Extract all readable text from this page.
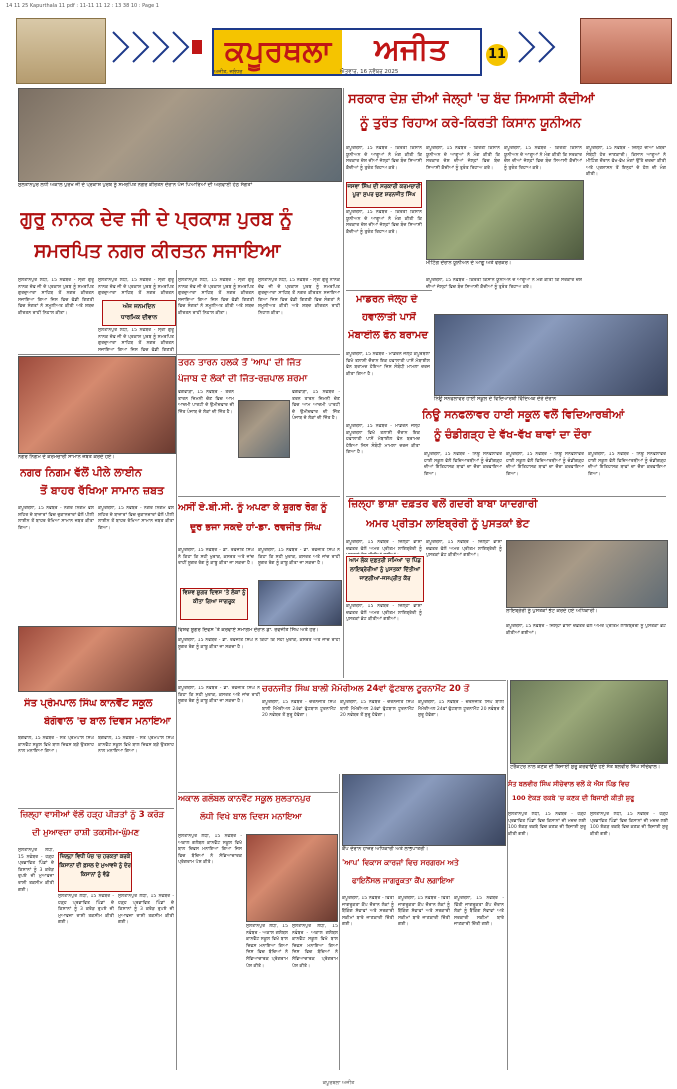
14 11 25 Kapurthala 11 pdf : 11-11 11 12 : 13 38 10 : Page 1
ਕਪੂਰਥਲਾ	ਅਜੀਤ
ਅਜੀਤ, ਜਲੰਧਰ	ਐਤਵਾਰ, 16 ਨਵੰਬਰ 2025
11
ਸੁਲਤਾਨਪੁਰ ਲੋਧੀ ਅਕਾਲ ਪੁਰਖ ਜੀ ਦੇ ਪ੍ਰਕਾਸ਼ ਪੁਰਬ ਨੂੰ ਸਮਰਪਿਤ ਨਗਰ ਕੀਰਤਨ ਦੌਰਾਨ ਪੰਜ ਪਿਆਰਿਆਂ ਦੀ ਅਗਵਾਈ ਹੇਠ ਸੰਗਤਾਂ
ਗੁਰੂ ਨਾਨਕ ਦੇਵ ਜੀ ਦੇ ਪ੍ਰਕਾਸ਼ ਪੁਰਬ ਨੂੰ
ਸਮਰਪਿਤ ਨਗਰ ਕੀਰਤਨ ਸਜਾਇਆ
ਸੁਲਤਾਨਪੁਰ ਲੋਧੀ, 15 ਨਵੰਬਰ - ਸ੍ਰੀ ਗੁਰੂ ਨਾਨਕ ਦੇਵ ਜੀ ਦੇ ਪ੍ਰਕਾਸ਼ ਪੁਰਬ ਨੂੰ ਸਮਰਪਿਤ ਗੁਰਦੁਆਰਾ ਸਾਹਿਬ ਤੋਂ ਨਗਰ ਕੀਰਤਨ ਸਜਾਇਆ ਗਿਆ ਜਿਸ ਵਿਚ ਵੱਡੀ ਗਿਣਤੀ ਵਿਚ ਸੰਗਤਾਂ ਨੇ ਸ਼ਮੂਲੀਅਤ ਕੀਤੀ ਅਤੇ ਸ਼ਬਦ ਕੀਰਤਨ ਰਾਹੀਂ ਨਿਹਾਲ ਕੀਤਾ।
ਸੁਲਤਾਨਪੁਰ ਲੋਧੀ, 15 ਨਵੰਬਰ - ਸ੍ਰੀ ਗੁਰੂ ਨਾਨਕ ਦੇਵ ਜੀ ਦੇ ਪ੍ਰਕਾਸ਼ ਪੁਰਬ ਨੂੰ ਸਮਰਪਿਤ ਗੁਰਦੁਆਰਾ ਸਾਹਿਬ ਤੋਂ ਨਗਰ ਕੀਰਤਨ
ਅੱਜ ਜਨਮਦਿਨ
ਧਾਰਮਿਕ ਦੀਵਾਨ
ਸੁਲਤਾਨਪੁਰ ਲੋਧੀ, 15 ਨਵੰਬਰ - ਸ੍ਰੀ ਗੁਰੂ ਨਾਨਕ ਦੇਵ ਜੀ ਦੇ ਪ੍ਰਕਾਸ਼ ਪੁਰਬ ਨੂੰ ਸਮਰਪਿਤ ਗੁਰਦੁਆਰਾ ਸਾਹਿਬ ਤੋਂ ਨਗਰ ਕੀਰਤਨ ਸਜਾਇਆ ਗਿਆ ਜਿਸ ਵਿਚ ਵੱਡੀ ਗਿਣਤੀ
ਸੁਲਤਾਨਪੁਰ ਲੋਧੀ, 15 ਨਵੰਬਰ - ਸ੍ਰੀ ਗੁਰੂ ਨਾਨਕ ਦੇਵ ਜੀ ਦੇ ਪ੍ਰਕਾਸ਼ ਪੁਰਬ ਨੂੰ ਸਮਰਪਿਤ ਗੁਰਦੁਆਰਾ ਸਾਹਿਬ ਤੋਂ ਨਗਰ ਕੀਰਤਨ ਸਜਾਇਆ ਗਿਆ ਜਿਸ ਵਿਚ ਵੱਡੀ ਗਿਣਤੀ ਵਿਚ ਸੰਗਤਾਂ ਨੇ ਸ਼ਮੂਲੀਅਤ ਕੀਤੀ ਅਤੇ ਸ਼ਬਦ ਕੀਰਤਨ ਰਾਹੀਂ ਨਿਹਾਲ ਕੀਤਾ।
ਸੁਲਤਾਨਪੁਰ ਲੋਧੀ, 15 ਨਵੰਬਰ - ਸ੍ਰੀ ਗੁਰੂ ਨਾਨਕ ਦੇਵ ਜੀ ਦੇ ਪ੍ਰਕਾਸ਼ ਪੁਰਬ ਨੂੰ ਸਮਰਪਿਤ ਗੁਰਦੁਆਰਾ ਸਾਹਿਬ ਤੋਂ ਨਗਰ ਕੀਰਤਨ ਸਜਾਇਆ ਗਿਆ ਜਿਸ ਵਿਚ ਵੱਡੀ ਗਿਣਤੀ ਵਿਚ ਸੰਗਤਾਂ ਨੇ ਸ਼ਮੂਲੀਅਤ ਕੀਤੀ ਅਤੇ ਸ਼ਬਦ ਕੀਰਤਨ ਰਾਹੀਂ ਨਿਹਾਲ ਕੀਤਾ।
ਨਗਰ ਨਿਗਮ ਦੇ ਕਰਮਚਾਰੀ ਸਾਮਾਨ ਜ਼ਬਤ ਕਰਦੇ ਹੋਏ।
ਨਗਰ ਨਿਗਮ ਵੱਲੋਂ ਪੀਲੇ ਲਾਈਨ
ਤੋਂ ਬਾਹਰ ਰੱਖਿਆ ਸਾਮਾਨ ਜ਼ਬਤ
ਕਪੂਰਥਲਾ, 15 ਨਵੰਬਰ - ਨਗਰ ਨਿਗਮ ਵੱਲੋਂ ਸ਼ਹਿਰ ਦੇ ਬਾਜ਼ਾਰਾਂ ਵਿਚ ਦੁਕਾਨਦਾਰਾਂ ਵੱਲੋਂ ਪੀਲੀ ਲਾਈਨ ਤੋਂ ਬਾਹਰ ਰੱਖਿਆ ਸਾਮਾਨ ਜ਼ਬਤ ਕੀਤਾ ਗਿਆ।
ਕਪੂਰਥਲਾ, 15 ਨਵੰਬਰ - ਨਗਰ ਨਿਗਮ ਵੱਲੋਂ ਸ਼ਹਿਰ ਦੇ ਬਾਜ਼ਾਰਾਂ ਵਿਚ ਦੁਕਾਨਦਾਰਾਂ ਵੱਲੋਂ ਪੀਲੀ ਲਾਈਨ ਤੋਂ ਬਾਹਰ ਰੱਖਿਆ ਸਾਮਾਨ ਜ਼ਬਤ ਕੀਤਾ ਗਿਆ।
ਤਰਨ ਤਾਰਨ ਹਲਕੇ ਤੋਂ 'ਆਪ' ਦੀ ਜਿੱਤ
ਪੰਜਾਬ ਦੇ ਲੋਕਾਂ ਦੀ ਜਿੱਤ-ਰਜ਼ਪਾਲ ਸ਼ਰਮਾ
ਫਗਵਾੜਾ, 15 ਨਵੰਬਰ - ਤਰਨ ਤਾਰਨ ਜ਼ਿਮਨੀ ਚੋਣ ਵਿਚ ਆਮ ਆਦਮੀ ਪਾਰਟੀ ਦੇ ਉਮੀਦਵਾਰ ਦੀ ਜਿੱਤ ਪੰਜਾਬ ਦੇ ਲੋਕਾਂ ਦੀ ਜਿੱਤ ਹੈ।
ਫਗਵਾੜਾ, 15 ਨਵੰਬਰ - ਤਰਨ ਤਾਰਨ ਜ਼ਿਮਨੀ ਚੋਣ ਵਿਚ ਆਮ ਆਦਮੀ ਪਾਰਟੀ ਦੇ ਉਮੀਦਵਾਰ ਦੀ ਜਿੱਤ ਪੰਜਾਬ ਦੇ ਲੋਕਾਂ ਦੀ ਜਿੱਤ ਹੈ।
ਅਸੀਂ ਏ.ਬੀ.ਸੀ. ਨੂੰ ਅਪਣਾ ਕੇ ਸ਼ੂਗਰ ਰੋਗ ਨੂੰ
ਦੂਰ ਭਜਾ ਸਕਦੇ ਹਾਂ-ਡਾ. ਰਵਜੀਤ ਸਿੰਘ
ਵਿਸ਼ਵ ਸ਼ੂਗਰ ਦਿਵਸ 'ਤੇ ਲੋਕਾਂ ਨੂੰ ਕੀਤਾ ਗਿਆ ਜਾਗਰੂਕ
ਕਪੂਰਥਲਾ, 15 ਨਵੰਬਰ - ਡਾ. ਰਵਜੀਤ ਸਿੰਘ ਨੇ ਕਿਹਾ ਕਿ ਸਹੀ ਖੁਰਾਕ, ਕਸਰਤ ਅਤੇ ਜਾਂਚ ਰਾਹੀਂ ਸ਼ੂਗਰ ਰੋਗ ਨੂੰ ਕਾਬੂ ਕੀਤਾ ਜਾ ਸਕਦਾ ਹੈ।
ਕਪੂਰਥਲਾ, 15 ਨਵੰਬਰ - ਡਾ. ਰਵਜੀਤ ਸਿੰਘ ਨੇ ਕਿਹਾ ਕਿ ਸਹੀ ਖੁਰਾਕ, ਕਸਰਤ ਅਤੇ ਜਾਂਚ ਰਾਹੀਂ ਸ਼ੂਗਰ ਰੋਗ ਨੂੰ ਕਾਬੂ ਕੀਤਾ ਜਾ ਸਕਦਾ ਹੈ।
ਵਿਸ਼ਵ ਸ਼ੂਗਰ ਦਿਵਸ 'ਤੇ ਕਰਵਾਏ ਸਮਾਗਮ ਦੌਰਾਨ ਡਾ. ਰਵਜੀਤ ਸਿੰਘ ਅਤੇ ਹੋਰ।
ਕਪੂਰਥਲਾ, 15 ਨਵੰਬਰ - ਡਾ. ਰਵਜੀਤ ਸਿੰਘ ਨੇ ਕਿਹਾ ਕਿ ਸਹੀ ਖੁਰਾਕ, ਕਸਰਤ ਅਤੇ ਜਾਂਚ ਰਾਹੀਂ ਸ਼ੂਗਰ ਰੋਗ ਨੂੰ ਕਾਬੂ ਕੀਤਾ ਜਾ ਸਕਦਾ ਹੈ।
ਸੰਤ ਪ੍ਰੇਮਪਾਲ ਸਿੰਘ ਕਾਨਵੈਂਟ ਸਕੂਲ
ਬੇਗੋਵਾਲ 'ਚ ਬਾਲ ਦਿਵਸ ਮਨਾਇਆ
ਬੇਗੋਵਾਲ, 15 ਨਵੰਬਰ - ਸੰਤ ਪ੍ਰੇਮਪਾਲ ਸਿੰਘ ਕਾਨਵੈਂਟ ਸਕੂਲ ਵਿਖੇ ਬਾਲ ਦਿਵਸ ਬੜੇ ਉਤਸ਼ਾਹ ਨਾਲ ਮਨਾਇਆ ਗਿਆ।
ਬੇਗੋਵਾਲ, 15 ਨਵੰਬਰ - ਸੰਤ ਪ੍ਰੇਮਪਾਲ ਸਿੰਘ ਕਾਨਵੈਂਟ ਸਕੂਲ ਵਿਖੇ ਬਾਲ ਦਿਵਸ ਬੜੇ ਉਤਸ਼ਾਹ ਨਾਲ ਮਨਾਇਆ ਗਿਆ।
ਜ਼ਿਲ੍ਹਾ ਵਾਸੀਆਂ ਵੱਲੋਂ ਹੜ੍ਹ ਪੀੜਤਾਂ ਨੂੰ 3 ਕਰੋੜ
ਦੀ ਮੁਆਵਜ਼ਾ ਰਾਸ਼ੀ ਤਕਸੀਮ-ਘੁੰਮਣ
ਸੁਲਤਾਨਪੁਰ ਲੋਧੀ, 15 ਨਵੰਬਰ - ਹੜ੍ਹ ਪ੍ਰਭਾਵਿਤ ਪਿੰਡਾਂ ਦੇ ਕਿਸਾਨਾਂ ਨੂੰ 3 ਕਰੋੜ ਰੁਪਏ ਦੀ ਮੁਆਵਜ਼ਾ ਰਾਸ਼ੀ ਤਕਸੀਮ ਕੀਤੀ ਗਈ।
ਜ਼ਿਲ੍ਹਾ ਵਿਧੀ ਪੰਚ 'ਚ ਹਰਕਤਾਂ ਕਰਕੇ ਕਿਸਾਨਾਂ ਦੀ ਫ਼ਸਲ ਦੇ ਮੁਆਵਜ਼ੇ ਨੂੰ ਦੇਰ ਕਿਸਾਨਾਂ ਨੂੰ ਵੰਡੇ
ਸੁਲਤਾਨਪੁਰ ਲੋਧੀ, 15 ਨਵੰਬਰ - ਹੜ੍ਹ ਪ੍ਰਭਾਵਿਤ ਪਿੰਡਾਂ ਦੇ ਕਿਸਾਨਾਂ ਨੂੰ 3 ਕਰੋੜ ਰੁਪਏ ਦੀ ਮੁਆਵਜ਼ਾ ਰਾਸ਼ੀ ਤਕਸੀਮ ਕੀਤੀ ਗਈ।
ਸੁਲਤਾਨਪੁਰ ਲੋਧੀ, 15 ਨਵੰਬਰ - ਹੜ੍ਹ ਪ੍ਰਭਾਵਿਤ ਪਿੰਡਾਂ ਦੇ ਕਿਸਾਨਾਂ ਨੂੰ 3 ਕਰੋੜ ਰੁਪਏ ਦੀ ਮੁਆਵਜ਼ਾ ਰਾਸ਼ੀ ਤਕਸੀਮ ਕੀਤੀ ਗਈ।
ਕਪੂਰਥਲਾ, 15 ਨਵੰਬਰ - ਡਾ. ਰਵਜੀਤ ਸਿੰਘ ਨੇ ਕਿਹਾ ਕਿ ਸਹੀ ਖੁਰਾਕ, ਕਸਰਤ ਅਤੇ ਜਾਂਚ ਰਾਹੀਂ ਸ਼ੂਗਰ ਰੋਗ ਨੂੰ ਕਾਬੂ ਕੀਤਾ ਜਾ ਸਕਦਾ ਹੈ।
ਚਰਨਜੀਤ ਸਿੰਘ ਬਾਲੀ ਮੈਮੋਰੀਅਲ 24ਵਾਂ ਫੁੱਟਬਾਲ ਟੂਰਨਾਮੈਂਟ 20 ਤੋਂ
ਕਪੂਰਥਲਾ, 15 ਨਵੰਬਰ - ਚਰਨਜੀਤ ਸਿੰਘ ਬਾਲੀ ਮੈਮੋਰੀਅਲ 24ਵਾਂ ਫੁੱਟਬਾਲ ਟੂਰਨਾਮੈਂਟ 20 ਨਵੰਬਰ ਤੋਂ ਸ਼ੁਰੂ ਹੋਵੇਗਾ।
ਕਪੂਰਥਲਾ, 15 ਨਵੰਬਰ - ਚਰਨਜੀਤ ਸਿੰਘ ਬਾਲੀ ਮੈਮੋਰੀਅਲ 24ਵਾਂ ਫੁੱਟਬਾਲ ਟੂਰਨਾਮੈਂਟ 20 ਨਵੰਬਰ ਤੋਂ ਸ਼ੁਰੂ ਹੋਵੇਗਾ।
ਕਪੂਰਥਲਾ, 15 ਨਵੰਬਰ - ਚਰਨਜੀਤ ਸਿੰਘ ਬਾਲੀ ਮੈਮੋਰੀਅਲ 24ਵਾਂ ਫੁੱਟਬਾਲ ਟੂਰਨਾਮੈਂਟ 20 ਨਵੰਬਰ ਤੋਂ ਸ਼ੁਰੂ ਹੋਵੇਗਾ।
ਅਕਾਲ ਗਲੋਬਲ ਕਾਨਵੈਂਟ ਸਕੂਲ ਸੁਲਤਾਨਪੁਰ
ਲੋਧੀ ਵਿਖੇ ਬਾਲ ਦਿਵਸ ਮਨਾਇਆ
ਸੁਲਤਾਨਪੁਰ ਲੋਧੀ, 15 ਨਵੰਬਰ - ਅਕਾਲ ਗਲੋਬਲ ਕਾਨਵੈਂਟ ਸਕੂਲ ਵਿਖੇ ਬਾਲ ਦਿਵਸ ਮਨਾਇਆ ਗਿਆ ਜਿਸ ਵਿਚ ਬੱਚਿਆਂ ਨੇ ਸੱਭਿਆਚਾਰਕ ਪ੍ਰੋਗਰਾਮ ਪੇਸ਼ ਕੀਤੇ।
ਸੁਲਤਾਨਪੁਰ ਲੋਧੀ, 15 ਨਵੰਬਰ - ਅਕਾਲ ਗਲੋਬਲ ਕਾਨਵੈਂਟ ਸਕੂਲ ਵਿਖੇ ਬਾਲ ਦਿਵਸ ਮਨਾਇਆ ਗਿਆ ਜਿਸ ਵਿਚ ਬੱਚਿਆਂ ਨੇ ਸੱਭਿਆਚਾਰਕ ਪ੍ਰੋਗਰਾਮ ਪੇਸ਼ ਕੀਤੇ।
ਸੁਲਤਾਨਪੁਰ ਲੋਧੀ, 15 ਨਵੰਬਰ - ਅਕਾਲ ਗਲੋਬਲ ਕਾਨਵੈਂਟ ਸਕੂਲ ਵਿਖੇ ਬਾਲ ਦਿਵਸ ਮਨਾਇਆ ਗਿਆ ਜਿਸ ਵਿਚ ਬੱਚਿਆਂ ਨੇ ਸੱਭਿਆਚਾਰਕ ਪ੍ਰੋਗਰਾਮ ਪੇਸ਼ ਕੀਤੇ।
ਸਰਕਾਰ ਦੇਸ਼ ਦੀਆਂ ਜੇਲ੍ਹਾਂ 'ਚ ਬੰਦ ਸਿਆਸੀ ਕੈਦੀਆਂ
ਨੂੰ ਤੁਰੰਤ ਰਿਹਾਅ ਕਰੇ-ਕਿਰਤੀ ਕਿਸਾਨ ਯੂਨੀਅਨ
ਕਪੂਰਥਲਾ, 15 ਨਵੰਬਰ - ਕਿਰਤੀ ਕਿਸਾਨ ਯੂਨੀਅਨ ਦੇ ਆਗੂਆਂ ਨੇ ਮੰਗ ਕੀਤੀ ਕਿ ਸਰਕਾਰ ਦੇਸ਼ ਦੀਆਂ ਜੇਲ੍ਹਾਂ ਵਿਚ ਬੰਦ ਸਿਆਸੀ ਕੈਦੀਆਂ ਨੂੰ ਤੁਰੰਤ ਰਿਹਾਅ ਕਰੇ।
ਜਸਵਾ ਸਿੰਘ ਦੀ ਸਰਕਾਰੀ ਕਰਮਚਾਰੀ ਪੂਰਾ ਸੁਪਰ ਚੁਣ ਸ਼ਰਨਜੀਤ ਸਿੰਘ
ਕਪੂਰਥਲਾ, 15 ਨਵੰਬਰ - ਕਿਰਤੀ ਕਿਸਾਨ ਯੂਨੀਅਨ ਦੇ ਆਗੂਆਂ ਨੇ ਮੰਗ ਕੀਤੀ ਕਿ ਸਰਕਾਰ ਦੇਸ਼ ਦੀਆਂ ਜੇਲ੍ਹਾਂ ਵਿਚ ਬੰਦ ਸਿਆਸੀ ਕੈਦੀਆਂ ਨੂੰ ਤੁਰੰਤ ਰਿਹਾਅ ਕਰੇ।
ਕਪੂਰਥਲਾ, 15 ਨਵੰਬਰ - ਕਿਰਤੀ ਕਿਸਾਨ ਯੂਨੀਅਨ ਦੇ ਆਗੂਆਂ ਨੇ ਮੰਗ ਕੀਤੀ ਕਿ ਸਰਕਾਰ ਦੇਸ਼ ਦੀਆਂ ਜੇਲ੍ਹਾਂ ਵਿਚ ਬੰਦ ਸਿਆਸੀ ਕੈਦੀਆਂ ਨੂੰ ਤੁਰੰਤ ਰਿਹਾਅ ਕਰੇ।
ਮੀਟਿੰਗ ਦੌਰਾਨ ਯੂਨੀਅਨ ਦੇ ਆਗੂ ਅਤੇ ਵਰਕਰ।
ਕਪੂਰਥਲਾ, 15 ਨਵੰਬਰ - ਕਿਰਤੀ ਕਿਸਾਨ ਯੂਨੀਅਨ ਦੇ ਆਗੂਆਂ ਨੇ ਮੰਗ ਕੀਤੀ ਕਿ ਸਰਕਾਰ ਦੇਸ਼ ਦੀਆਂ ਜੇਲ੍ਹਾਂ ਵਿਚ ਬੰਦ ਸਿਆਸੀ ਕੈਦੀਆਂ ਨੂੰ ਤੁਰੰਤ ਰਿਹਾਅ ਕਰੇ।
ਕਪੂਰਥਲਾ, 15 ਨਵੰਬਰ - ਜ਼ਿਲ੍ਹੇ ਦੀਆਂ ਖ਼ਬਰਾਂ ਸੰਬੰਧੀ ਹੋਰ ਜਾਣਕਾਰੀ। ਕਿਸਾਨ ਆਗੂਆਂ ਨੇ ਮੀਟਿੰਗ ਦੌਰਾਨ ਵੱਖ-ਵੱਖ ਮੰਗਾਂ ਉੱਤੇ ਚਰਚਾ ਕੀਤੀ ਅਤੇ ਪ੍ਰਸ਼ਾਸਨ ਤੋਂ ਇਨ੍ਹਾਂ ਦੇ ਹੱਲ ਦੀ ਮੰਗ ਕੀਤੀ।
ਕਪੂਰਥਲਾ, 15 ਨਵੰਬਰ - ਕਿਰਤੀ ਕਿਸਾਨ ਯੂਨੀਅਨ ਦੇ ਆਗੂਆਂ ਨੇ ਮੰਗ ਕੀਤੀ ਕਿ ਸਰਕਾਰ ਦੇਸ਼ ਦੀਆਂ ਜੇਲ੍ਹਾਂ ਵਿਚ ਬੰਦ ਸਿਆਸੀ ਕੈਦੀਆਂ ਨੂੰ ਤੁਰੰਤ ਰਿਹਾਅ ਕਰੇ।
ਮਾਡਰਨ ਜੇਲ੍ਹ ਦੇ
ਹਵਾਲਾਤੀ ਪਾਸੋਂ
ਮੋਬਾਈਲ ਫੋਨ ਬਰਾਮਦ
ਕਪੂਰਥਲਾ, 15 ਨਵੰਬਰ - ਮਾਡਰਨ ਜੇਲ੍ਹ ਕਪੂਰਥਲਾ ਵਿਖੇ ਤਲਾਸ਼ੀ ਦੌਰਾਨ ਇਕ ਹਵਾਲਾਤੀ ਪਾਸੋਂ ਮੋਬਾਈਲ ਫੋਨ ਬਰਾਮਦ ਹੋਇਆ ਜਿਸ ਸੰਬੰਧੀ ਮਾਮਲਾ ਦਰਜ ਕੀਤਾ ਗਿਆ ਹੈ।
ਨਿਊ ਸਨਫਲਾਵਰ ਹਾਈ ਸਕੂਲ ਦੇ ਵਿਦਿਆਰਥੀ ਵਿੱਦਿਅਕ ਦੌਰੇ ਦੌਰਾਨ
ਨਿਊ ਸਨਫਲਾਵਰ ਹਾਈ ਸਕੂਲ ਵਲੋਂ ਵਿਦਿਆਰਥੀਆਂ
ਨੂੰ ਚੰਡੀਗੜ੍ਹ ਦੇ ਵੱਖ-ਵੱਖ ਥਾਵਾਂ ਦਾ ਦੌਰਾ
ਕਪੂਰਥਲਾ, 15 ਨਵੰਬਰ - ਮਾਡਰਨ ਜੇਲ੍ਹ ਕਪੂਰਥਲਾ ਵਿਖੇ ਤਲਾਸ਼ੀ ਦੌਰਾਨ ਇਕ ਹਵਾਲਾਤੀ ਪਾਸੋਂ ਮੋਬਾਈਲ ਫੋਨ ਬਰਾਮਦ ਹੋਇਆ ਜਿਸ ਸੰਬੰਧੀ ਮਾਮਲਾ ਦਰਜ ਕੀਤਾ ਗਿਆ ਹੈ।	ਕਪੂਰਥਲਾ, 15 ਨਵੰਬਰ - ਨਿਊ ਸਨਫਲਾਵਰ ਹਾਈ ਸਕੂਲ ਵੱਲੋਂ ਵਿਦਿਆਰਥੀਆਂ ਨੂੰ ਚੰਡੀਗੜ੍ਹ ਦੀਆਂ ਇਤਿਹਾਸਕ ਥਾਵਾਂ ਦਾ ਦੌਰਾ ਕਰਵਾਇਆ ਗਿਆ।
ਕਪੂਰਥਲਾ, 15 ਨਵੰਬਰ - ਨਿਊ ਸਨਫਲਾਵਰ ਹਾਈ ਸਕੂਲ ਵੱਲੋਂ ਵਿਦਿਆਰਥੀਆਂ ਨੂੰ ਚੰਡੀਗੜ੍ਹ ਦੀਆਂ ਇਤਿਹਾਸਕ ਥਾਵਾਂ ਦਾ ਦੌਰਾ ਕਰਵਾਇਆ ਗਿਆ।
ਕਪੂਰਥਲਾ, 15 ਨਵੰਬਰ - ਨਿਊ ਸਨਫਲਾਵਰ ਹਾਈ ਸਕੂਲ ਵੱਲੋਂ ਵਿਦਿਆਰਥੀਆਂ ਨੂੰ ਚੰਡੀਗੜ੍ਹ ਦੀਆਂ ਇਤਿਹਾਸਕ ਥਾਵਾਂ ਦਾ ਦੌਰਾ ਕਰਵਾਇਆ ਗਿਆ।
ਜ਼ਿਲ੍ਹਾ ਭਾਸ਼ਾ ਦਫ਼ਤਰ ਵਲੋਂ ਗਦਰੀ ਬਾਬਾ ਯਾਦਗਾਰੀ
ਅਮਰ ਪ੍ਰੀਤਮ ਲਾਇਬ੍ਰੇਰੀ ਨੂੰ ਪੁਸਤਕਾਂ ਭੇਟ
ਕਪੂਰਥਲਾ, 15 ਨਵੰਬਰ - ਜ਼ਿਲ੍ਹਾ ਭਾਸ਼ਾ ਦਫ਼ਤਰ ਵੱਲੋਂ ਅਮਰ ਪ੍ਰੀਤਮ ਲਾਇਬ੍ਰੇਰੀ ਨੂੰ
ਆਮ ਲੋਕ ਦਫ਼ਤਰੀ ਸਮਿਆਂ 'ਚ ਪਿੰਡ ਲਾਇਬ੍ਰੇਰੀਆਂ ਨੂੰ ਪੁਸਤਕਾਂ ਦਿੱਤੀਆਂ ਜਾਣਗੀਆਂ-ਜਸਪ੍ਰੀਤ ਕੌਰ
ਕਪੂਰਥਲਾ, 15 ਨਵੰਬਰ - ਜ਼ਿਲ੍ਹਾ ਭਾਸ਼ਾ ਦਫ਼ਤਰ ਵੱਲੋਂ ਅਮਰ ਪ੍ਰੀਤਮ ਲਾਇਬ੍ਰੇਰੀ ਨੂੰ ਪੁਸਤਕਾਂ ਭੇਟ ਕੀਤੀਆਂ ਗਈਆਂ।
ਕਪੂਰਥਲਾ, 15 ਨਵੰਬਰ - ਜ਼ਿਲ੍ਹਾ ਭਾਸ਼ਾ ਦਫ਼ਤਰ ਵੱਲੋਂ ਅਮਰ ਪ੍ਰੀਤਮ ਲਾਇਬ੍ਰੇਰੀ ਨੂੰ ਪੁਸਤਕਾਂ ਭੇਟ ਕੀਤੀਆਂ ਗਈਆਂ।
ਲਾਇਬ੍ਰੇਰੀ ਨੂੰ ਪੁਸਤਕਾਂ ਭੇਟ ਕਰਦੇ ਹੋਏ ਅਧਿਕਾਰੀ।
ਕਪੂਰਥਲਾ, 15 ਨਵੰਬਰ - ਜ਼ਿਲ੍ਹਾ ਭਾਸ਼ਾ ਦਫ਼ਤਰ ਵੱਲੋਂ ਅਮਰ ਪ੍ਰੀਤਮ ਲਾਇਬ੍ਰੇਰੀ ਨੂੰ ਪੁਸਤਕਾਂ ਭੇਟ ਕੀਤੀਆਂ ਗਈਆਂ।
ਟਰੈਕਟਰ ਨਾਲ ਕਣਕ ਦੀ ਬਿਜਾਈ ਸ਼ੁਰੂ ਕਰਵਾਉਂਦੇ ਹੋਏ ਸੰਤ ਬਲਵੀਰ ਸਿੰਘ ਸੀਚੇਵਾਲ।
ਸੰਤ ਬਲਵੀਰ ਸਿੰਘ ਸੀਚੇਵਾਲ ਵਲੋਂ ਕੇ ਐਸ ਪਿੰਡ ਵਿਚ
100 ਏਕੜ ਰਕਬੇ 'ਚ ਕਣਕ ਦੀ ਬਿਜਾਈ ਕੀਤੀ ਸ਼ੁਰੂ
ਸੁਲਤਾਨਪੁਰ ਲੋਧੀ, 15 ਨਵੰਬਰ - ਹੜ੍ਹ ਪ੍ਰਭਾਵਿਤ ਪਿੰਡਾਂ ਵਿਚ ਕਿਸਾਨਾਂ ਦੀ ਮਦਦ ਲਈ 100 ਏਕੜ ਰਕਬੇ ਵਿਚ ਕਣਕ ਦੀ ਬਿਜਾਈ ਸ਼ੁਰੂ ਕੀਤੀ ਗਈ।
ਸੁਲਤਾਨਪੁਰ ਲੋਧੀ, 15 ਨਵੰਬਰ - ਹੜ੍ਹ ਪ੍ਰਭਾਵਿਤ ਪਿੰਡਾਂ ਵਿਚ ਕਿਸਾਨਾਂ ਦੀ ਮਦਦ ਲਈ 100 ਏਕੜ ਰਕਬੇ ਵਿਚ ਕਣਕ ਦੀ ਬਿਜਾਈ ਸ਼ੁਰੂ ਕੀਤੀ ਗਈ।
ਕੈਂਪ ਦੌਰਾਨ ਹਾਜ਼ਰ ਅਧਿਕਾਰੀ ਅਤੇ ਲਾਭਪਾਤਰੀ।
'ਆਪ' ਵਿਕਾਸ ਕਾਰਜਾਂ ਵਿਚ ਸਰਗਰਮ ਅਤੇ
ਫਾਇਨੈਂਸਲ ਜਾਗਰੂਕਤਾ ਕੈਂਪ ਲਗਾਇਆ
ਕਪੂਰਥਲਾ, 15 ਨਵੰਬਰ - ਵਿੱਤੀ ਜਾਗਰੂਕਤਾ ਕੈਂਪ ਦੌਰਾਨ ਲੋਕਾਂ ਨੂੰ ਬੈਂਕਿੰਗ ਸੇਵਾਵਾਂ ਅਤੇ ਸਰਕਾਰੀ ਸਕੀਮਾਂ ਬਾਰੇ ਜਾਣਕਾਰੀ ਦਿੱਤੀ ਗਈ।
ਕਪੂਰਥਲਾ, 15 ਨਵੰਬਰ - ਵਿੱਤੀ ਜਾਗਰੂਕਤਾ ਕੈਂਪ ਦੌਰਾਨ ਲੋਕਾਂ ਨੂੰ ਬੈਂਕਿੰਗ ਸੇਵਾਵਾਂ ਅਤੇ ਸਰਕਾਰੀ ਸਕੀਮਾਂ ਬਾਰੇ ਜਾਣਕਾਰੀ ਦਿੱਤੀ ਗਈ।
ਕਪੂਰਥਲਾ, 15 ਨਵੰਬਰ - ਵਿੱਤੀ ਜਾਗਰੂਕਤਾ ਕੈਂਪ ਦੌਰਾਨ ਲੋਕਾਂ ਨੂੰ ਬੈਂਕਿੰਗ ਸੇਵਾਵਾਂ ਅਤੇ ਸਰਕਾਰੀ ਸਕੀਮਾਂ ਬਾਰੇ ਜਾਣਕਾਰੀ ਦਿੱਤੀ ਗਈ।
ਕਪੂਰਥਲਾ ਅਜੀਤ
